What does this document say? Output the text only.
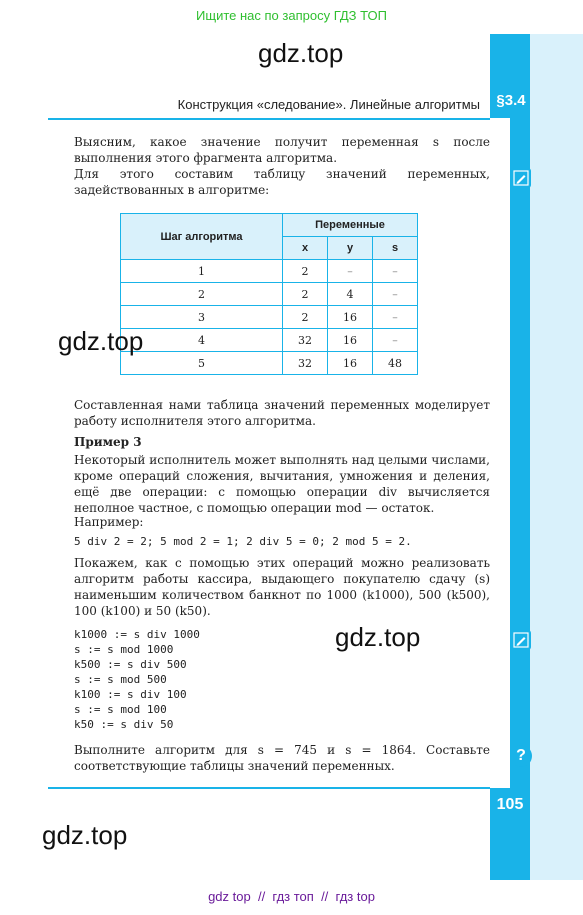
Ищите нас по запросу ГДЗ ТОП
§3.4
Конструкция «следование». Линейные алгоритмы
gdz.top
Выясним, какое значение получит переменная s после выполнения этого фрагмента алгоритма.
Для этого составим таблицу значений переменных, задействованных в алгоритме:
Шаг алгоритма	Переменные		
	x	y	s
1	2	–	–
2	2	4	–
3	2	16	–
4	32	16	–
5	32	16	48
gdz.top
Составленная нами таблица значений переменных моделирует работу исполнителя этого алгоритма.
Пример 3
Некоторый исполнитель может выполнять над целыми числами, кроме операций сложения, вычитания, умножения и деления, ещё две операции: с помощью операции div вычисляется неполное частное, с помощью операции mod — остаток.
Например:
5 div 2 = 2; 5 mod 2 = 1; 2 div 5 = 0; 2 mod 5 = 2.
Покажем, как с помощью этих операций можно реализовать алгоритм работы кассира, выдающего покупателю сдачу (s) наименьшим количеством банкнот по 1000 (k1000), 500 (k500), 100 (k100) и 50 (k50).
k1000 := s div 1000
s := s mod 1000
k500 := s div 500
s := s mod 500
k100 := s div 100
s := s mod 100
k50 := s div 50
gdz.top
Выполните алгоритм для s = 745 и s = 1864. Составьте соответствующие таблицы значений переменных.
?
105
gdz.top
gdz top // гдз топ // гдз top
